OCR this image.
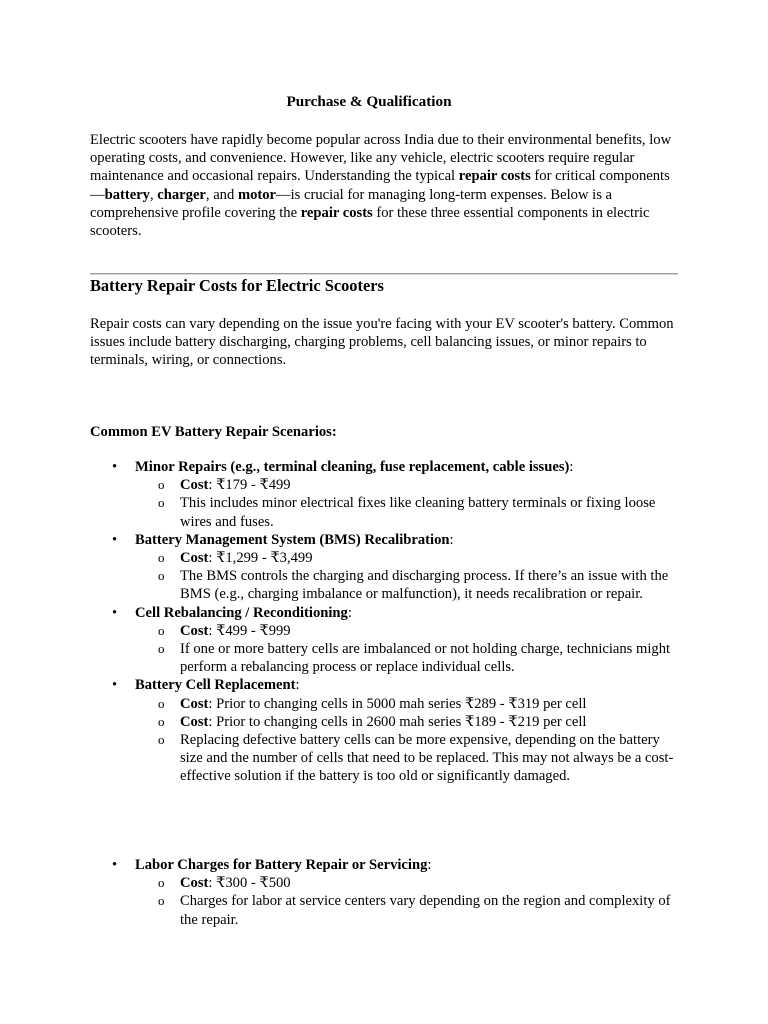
Purchase & Qualification

Electric scooters have rapidly become popular across India due to their environmental benefits, low operating costs, and convenience. However, like any vehicle, electric scooters require regular maintenance and occasional repairs. Understanding the typical repair costs for critical components—battery, charger, and motor—is crucial for managing long-term expenses. Below is a comprehensive profile covering the repair costs for these three essential components in electric scooters.

Battery Repair Costs for Electric Scooters

Repair costs can vary depending on the issue you're facing with your EV scooter's battery. Common issues include battery discharging, charging problems, cell balancing issues, or minor repairs to terminals, wiring, or connections.

Common EV Battery Repair Scenarios:

• Minor Repairs (e.g., terminal cleaning, fuse replacement, cable issues):
o Cost: ₹179 - ₹499
o This includes minor electrical fixes like cleaning battery terminals or fixing loose wires and fuses.
• Battery Management System (BMS) Recalibration:
o Cost: ₹1,299 - ₹3,499
o The BMS controls the charging and discharging process. If there’s an issue with the BMS (e.g., charging imbalance or malfunction), it needs recalibration or repair.
• Cell Rebalancing / Reconditioning:
o Cost: ₹499 - ₹999
o If one or more battery cells are imbalanced or not holding charge, technicians might perform a rebalancing process or replace individual cells.
• Battery Cell Replacement:
o Cost: Prior to changing cells in 5000 mah series ₹289 - ₹319 per cell
o Cost: Prior to changing cells in 2600 mah series ₹189 - ₹219 per cell
o Replacing defective battery cells can be more expensive, depending on the battery size and the number of cells that need to be replaced. This may not always be a cost-effective solution if the battery is too old or significantly damaged.
• Labor Charges for Battery Repair or Servicing:
o Cost: ₹300 - ₹500
o Charges for labor at service centers vary depending on the region and complexity of the repair.
